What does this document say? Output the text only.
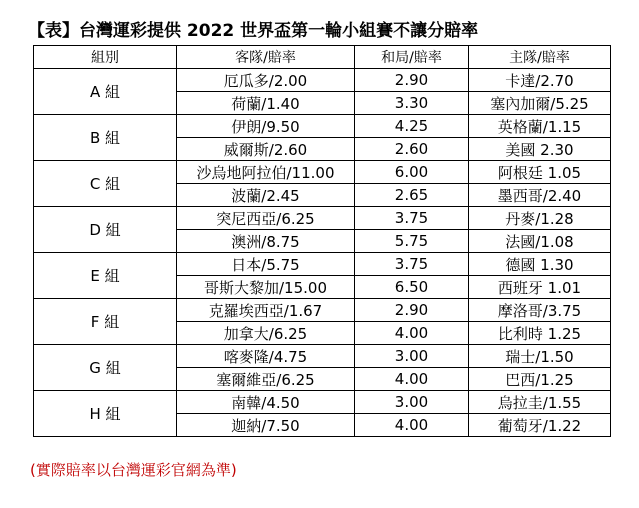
【表】台灣運彩提供 2022 世界盃第一輪小組賽不讓分賠率
組別	客隊/賠率	和局/賠率	主隊/賠率
A 組	厄瓜多/2.00	2.90	卡達/2.70
	荷蘭/1.40	3.30	塞內加爾/5.25
B 組	伊朗/9.50	4.25	英格蘭/1.15
	威爾斯/2.60	2.60	美國 2.30
C 組	沙烏地阿拉伯/11.00	6.00	阿根廷 1.05
	波蘭/2.45	2.65	墨西哥/2.40
D 組	突尼西亞/6.25	3.75	丹麥/1.28
	澳洲/8.75	5.75	法國/1.08
E 組	日本/5.75	3.75	德國 1.30
	哥斯大黎加/15.00	6.50	西班牙 1.01
F 組	克羅埃西亞/1.67	2.90	摩洛哥/3.75
	加拿大/6.25	4.00	比利時 1.25
G 組	喀麥隆/4.75	3.00	瑞士/1.50
	塞爾維亞/6.25	4.00	巴西/1.25
H 組	南韓/4.50	3.00	烏拉圭/1.55
	迦納/7.50	4.00	葡萄牙/1.22
(實際賠率以台灣運彩官網為準)
